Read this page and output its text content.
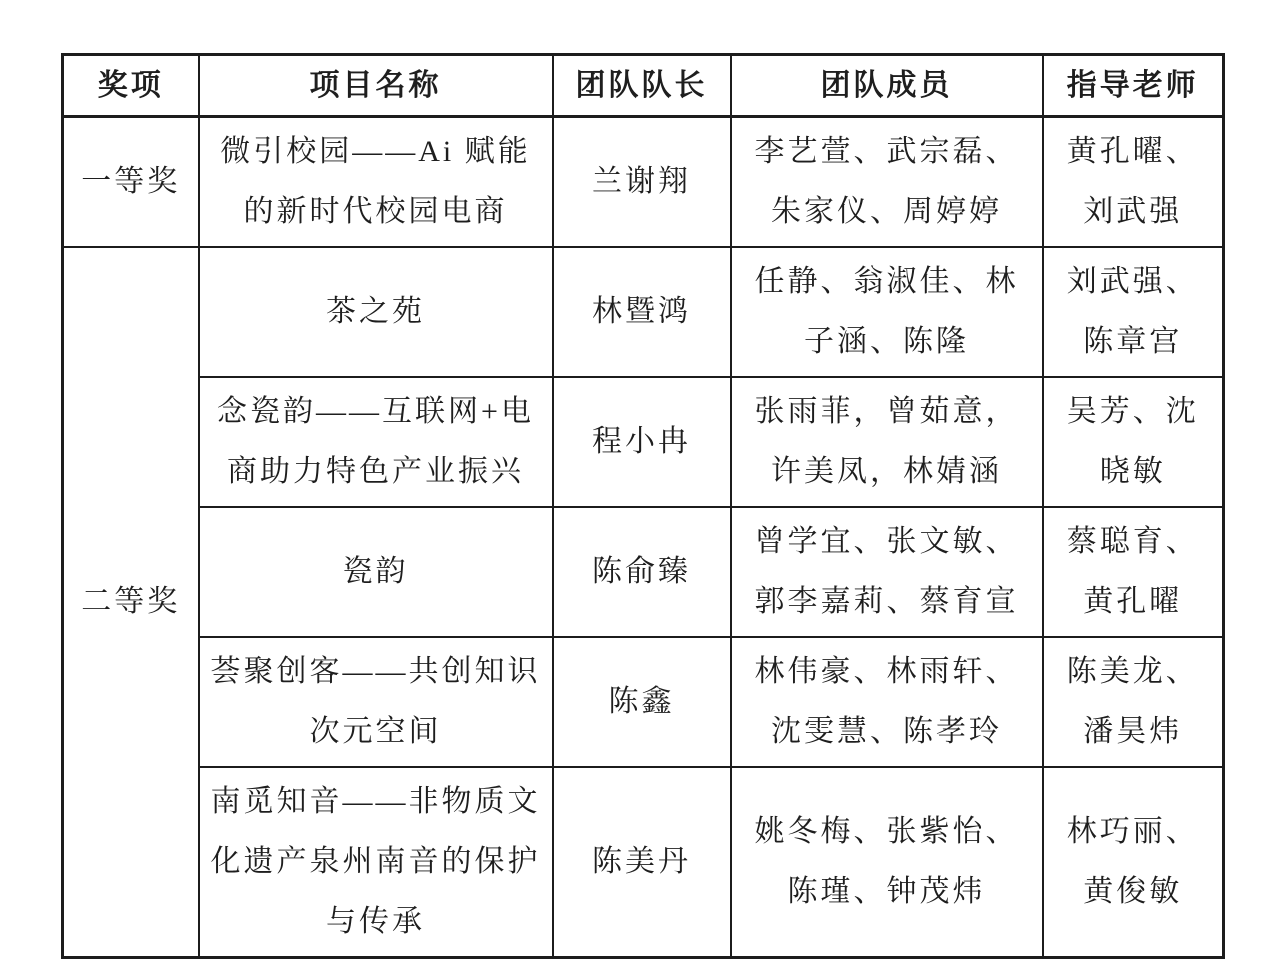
奖项	项目名称	团队队长	团队成员	指导老师
一等奖	微引校园——Ai 赋能的新时代校园电商	兰谢翔	李艺萱、武宗磊、朱家仪、周婷婷	黄孔曜、刘武强
二等奖	茶之苑	林暨鸿	任静、翁淑佳、林子涵、陈隆	刘武强、陈章宫
	念瓷韵——互联网+电商助力特色产业振兴	程小冉	张雨菲，曾茹意，许美凤，林婧涵	吴芳、沈晓敏
	瓷韵	陈俞臻	曾学宜、张文敏、郭李嘉莉、蔡育宣	蔡聪育、黄孔曜
	荟聚创客——共创知识次元空间	陈鑫	林伟豪、林雨轩、沈雯慧、陈孝玲	陈美龙、潘昊炜
	南觅知音——非物质文化遗产泉州南音的保护与传承	陈美丹	姚冬梅、张紫怡、陈瑾、钟茂炜	林巧丽、黄俊敏
